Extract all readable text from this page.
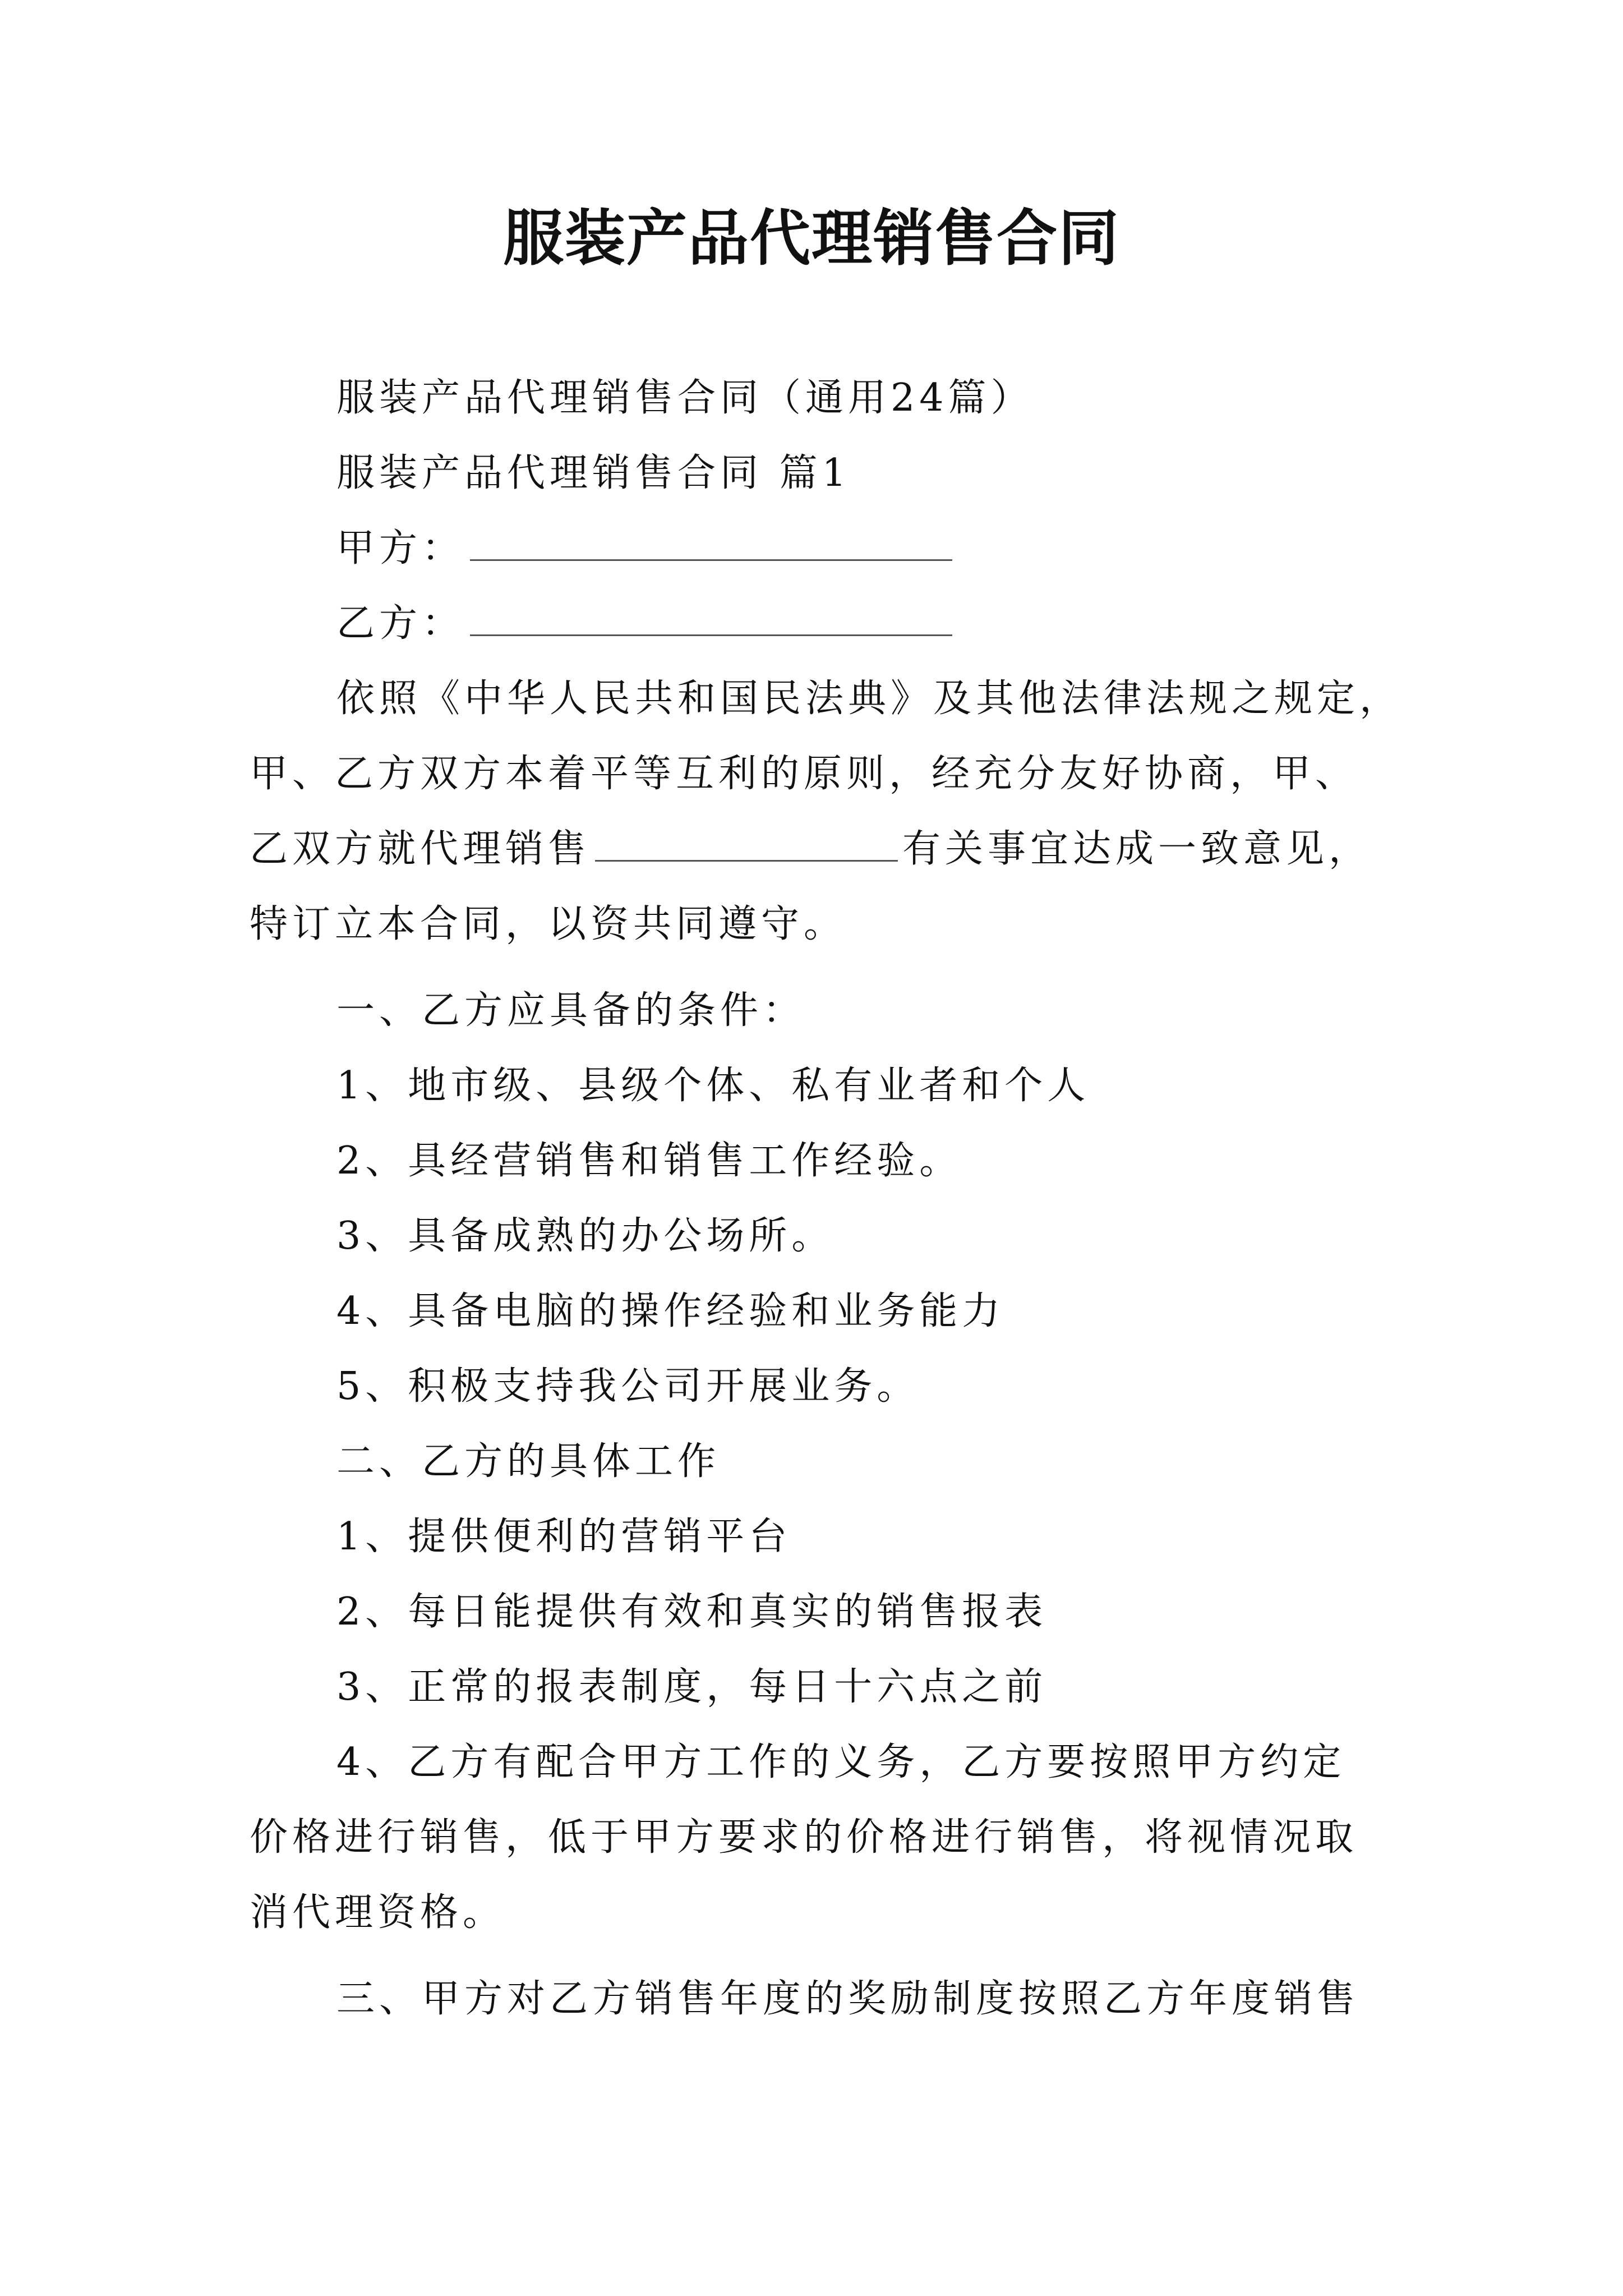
服装产品代理销售合同
服装产品代理销售合同（通用24篇）
服装产品代理销售合同 篇1
甲方：
乙方：
依照《中华人民共和国民法典》及其他法律法规之规定，
甲、乙方双方本着平等互利的原则，经充分友好协商，甲、
乙双方就代理销售	有关事宜达成一致意见，
特订立本合同，以资共同遵守。
一、乙方应具备的条件：
1、地市级、县级个体、私有业者和个人
2、具经营销售和销售工作经验。
3、具备成熟的办公场所。
4、具备电脑的操作经验和业务能力
5、积极支持我公司开展业务。
二、乙方的具体工作
1、提供便利的营销平台
2、每日能提供有效和真实的销售报表
3、正常的报表制度，每日十六点之前
4、乙方有配合甲方工作的义务，乙方要按照甲方约定
价格进行销售，低于甲方要求的价格进行销售，将视情况取
消代理资格。
三、甲方对乙方销售年度的奖励制度按照乙方年度销售
